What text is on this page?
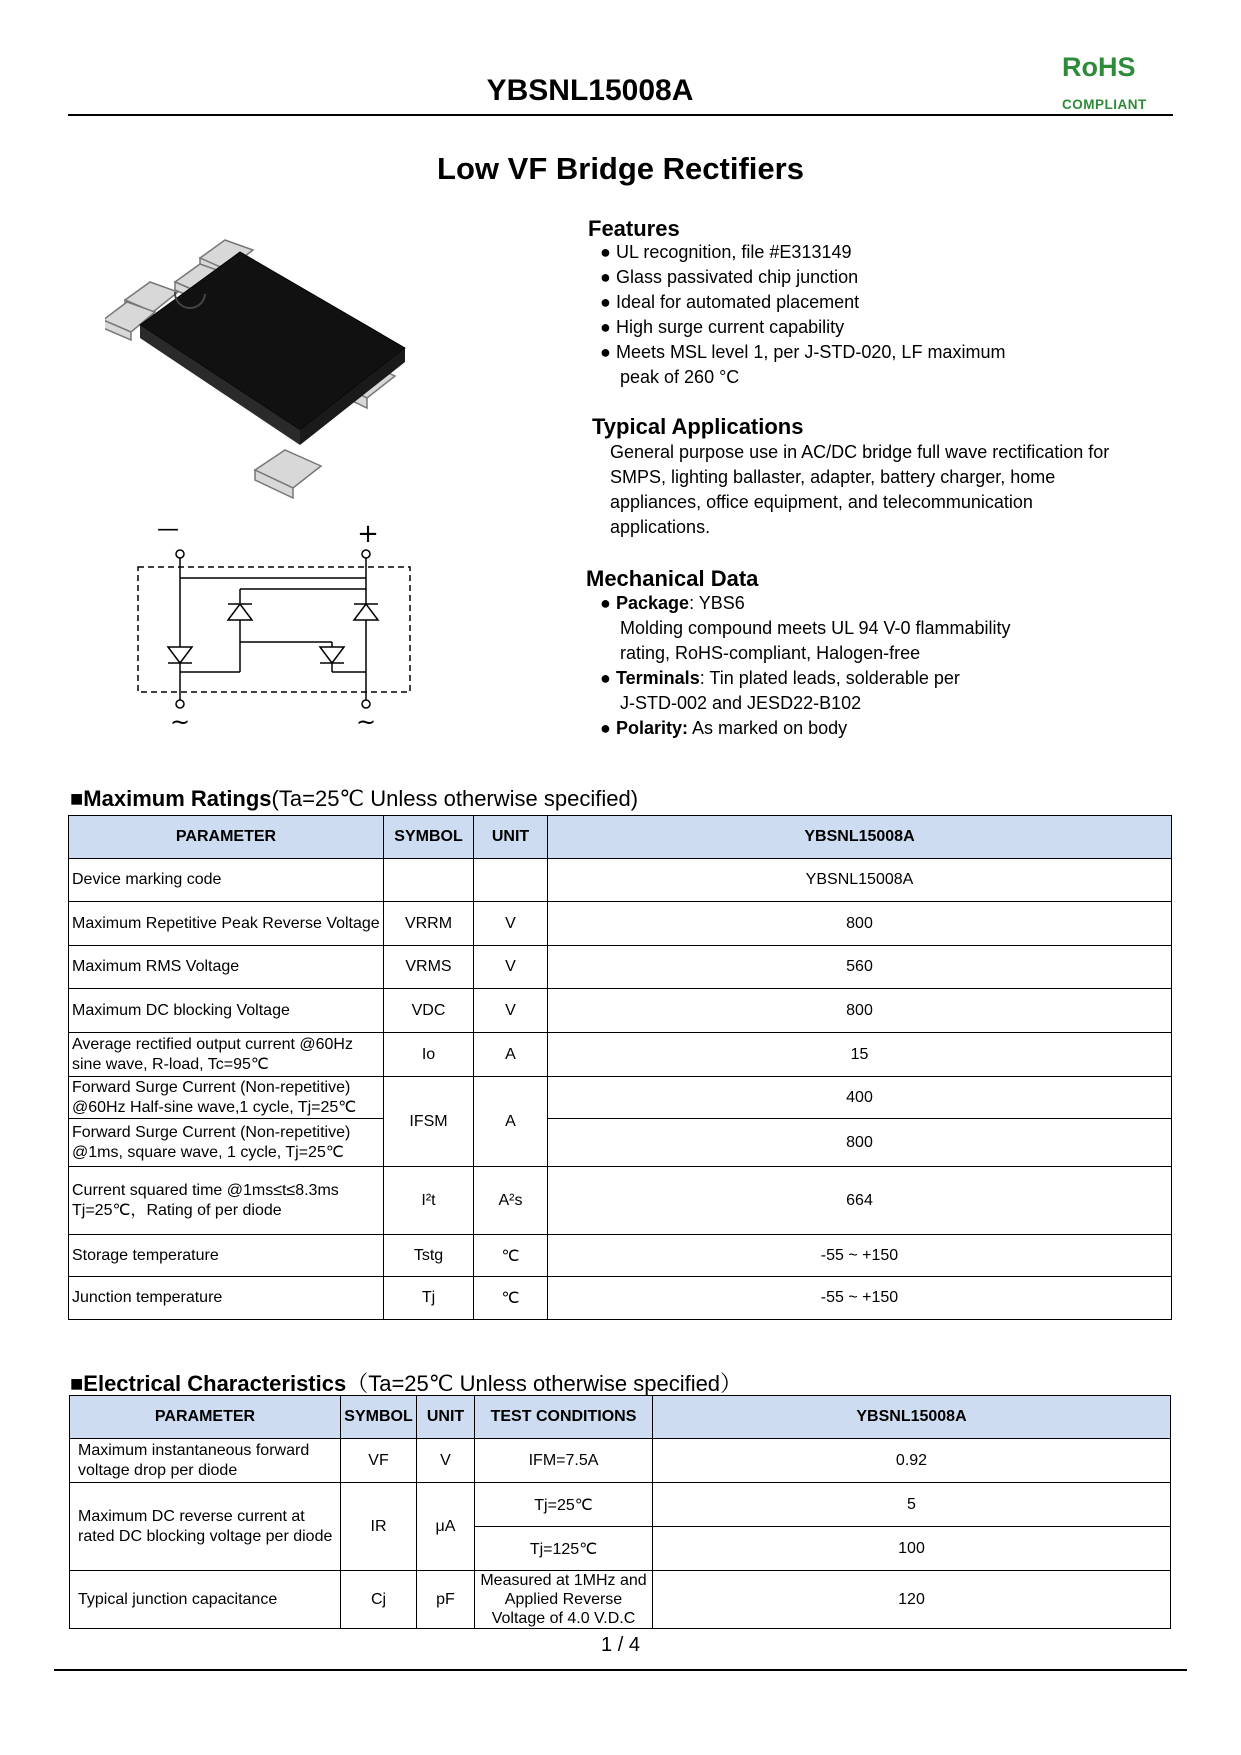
YBSNL15008A
RoHS
COMPLIANT
Low VF Bridge Rectifiers
—	+
~	~
Features
● UL recognition, file #E313149
● Glass passivated chip junction
● Ideal for automated placement
● High surge current capability
● Meets MSL level 1, per J-STD-020, LF maximum
peak of 260 °C
Typical Applications
General purpose use in AC/DC bridge full wave rectification for
SMPS, lighting ballaster, adapter, battery charger, home
appliances, office equipment, and telecommunication
applications.
Mechanical Data
● Package: YBS6
Molding compound meets UL 94 V-0 flammability
rating, RoHS-compliant, Halogen-free
● Terminals: Tin plated leads, solderable per
J-STD-002 and JESD22-B102
● Polarity: As marked on body
■Maximum Ratings(Ta=25℃ Unless otherwise specified)
PARAMETER	SYMBOL	UNIT	YBSNL15008A
Device marking code			YBSNL15008A
Maximum Repetitive Peak Reverse Voltage	VRRM	V	800
Maximum RMS Voltage	VRMS	V	560
Maximum DC blocking Voltage	VDC	V	800
Average rectified output current @60Hz sine wave, R-load, Tc=95℃	Io	A	15
Forward Surge Current (Non-repetitive) @60Hz Half-sine wave,1 cycle, Tj=25℃	IFSM	A	400
Forward Surge Current (Non-repetitive) @1ms, square wave, 1 cycle, Tj=25℃			800
Current squared time @1ms≤t≤8.3ms Tj=25℃，Rating of per diode	I²t	A²s	664
Storage temperature	Tstg	℃	-55 ~ +150
Junction temperature	Tj	℃	-55 ~ +150
■Electrical Characteristics（Ta=25℃ Unless otherwise specified）
PARAMETER	SYMBOL	UNIT	TEST CONDITIONS	YBSNL15008A
Maximum instantaneous forward voltage drop per diode	VF	V	IFM=7.5A	0.92
Maximum DC reverse current at rated DC blocking voltage per diode	IR	μA	Tj=25℃	5
			Tj=125℃	100
Typical junction capacitance	Cj	pF	Measured at 1MHz and Applied Reverse Voltage of 4.0 V.D.C	120
1 / 4
